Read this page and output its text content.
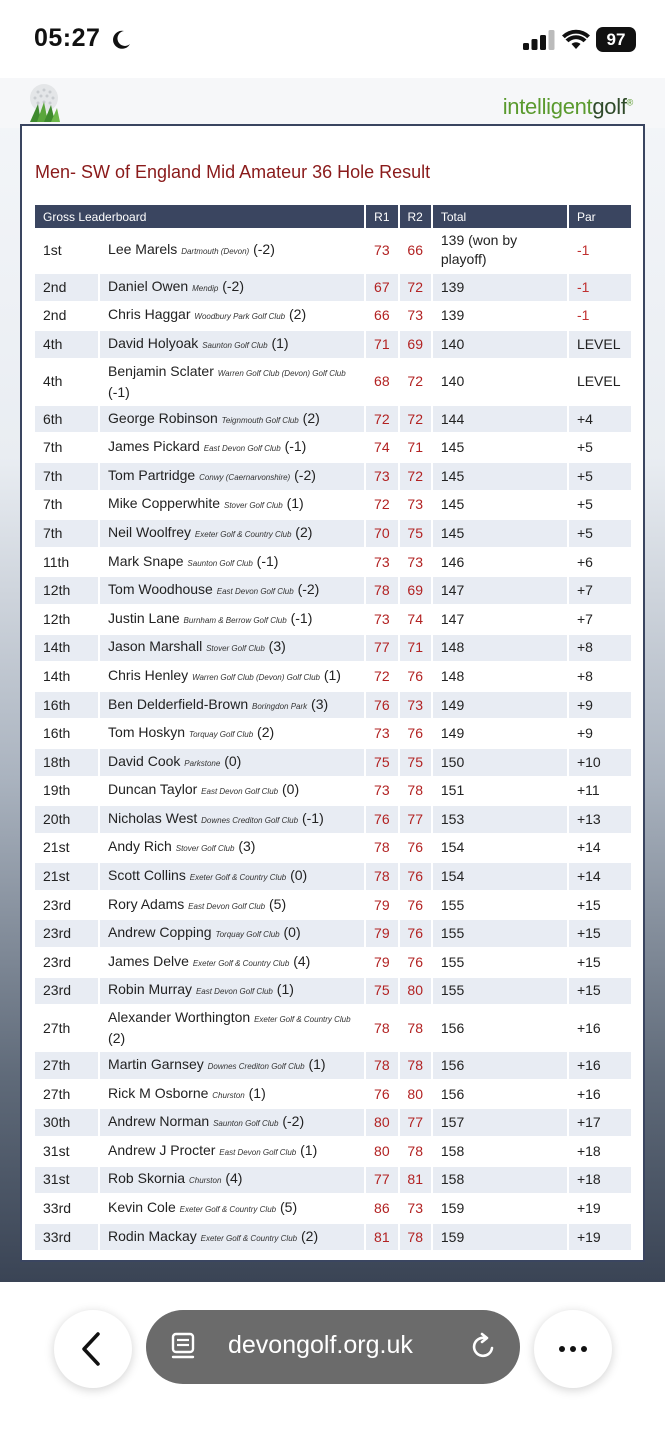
05:27	97
intelligentgolf®
Men- SW of England Mid Amateur 36 Hole Result
Gross Leaderboard		R1	R2	Total	Par
1st	Lee Marels Dartmouth (Devon) (-2)	73	66	139 (won by playoff)	-1
2nd	Daniel Owen Mendip (-2)	67	72	139	-1
2nd	Chris Haggar Woodbury Park Golf Club (2)	66	73	139	-1
4th	David Holyoak Saunton Golf Club (1)	71	69	140	LEVEL
4th	Benjamin Sclater Warren Golf Club (Devon) Golf Club (-1)	68	72	140	LEVEL
6th	George Robinson Teignmouth Golf Club (2)	72	72	144	+4
7th	James Pickard East Devon Golf Club (-1)	74	71	145	+5
7th	Tom Partridge Conwy (Caernarvonshire) (-2)	73	72	145	+5
7th	Mike Copperwhite Stover Golf Club (1)	72	73	145	+5
7th	Neil Woolfrey Exeter Golf & Country Club (2)	70	75	145	+5
11th	Mark Snape Saunton Golf Club (-1)	73	73	146	+6
12th	Tom Woodhouse East Devon Golf Club (-2)	78	69	147	+7
12th	Justin Lane Burnham & Berrow Golf Club (-1)	73	74	147	+7
14th	Jason Marshall Stover Golf Club (3)	77	71	148	+8
14th	Chris Henley Warren Golf Club (Devon) Golf Club (1)	72	76	148	+8
16th	Ben Delderfield-Brown Boringdon Park (3)	76	73	149	+9
16th	Tom Hoskyn Torquay Golf Club (2)	73	76	149	+9
18th	David Cook Parkstone (0)	75	75	150	+10
19th	Duncan Taylor East Devon Golf Club (0)	73	78	151	+11
20th	Nicholas West Downes Crediton Golf Club (-1)	76	77	153	+13
21st	Andy Rich Stover Golf Club (3)	78	76	154	+14
21st	Scott Collins Exeter Golf & Country Club (0)	78	76	154	+14
23rd	Rory Adams East Devon Golf Club (5)	79	76	155	+15
23rd	Andrew Copping Torquay Golf Club (0)	79	76	155	+15
23rd	James Delve Exeter Golf & Country Club (4)	79	76	155	+15
23rd	Robin Murray East Devon Golf Club (1)	75	80	155	+15
27th	Alexander Worthington Exeter Golf & Country Club (2)	78	78	156	+16
27th	Martin Garnsey Downes Crediton Golf Club (1)	78	78	156	+16
27th	Rick M Osborne Churston (1)	76	80	156	+16
30th	Andrew Norman Saunton Golf Club (-2)	80	77	157	+17
31st	Andrew J Procter East Devon Golf Club (1)	80	78	158	+18
31st	Rob Skornia Churston (4)	77	81	158	+18
33rd	Kevin Cole Exeter Golf & Country Club (5)	86	73	159	+19
33rd	Rodin Mackay Exeter Golf & Country Club (2)	81	78	159	+19
devongolf.org.uk
